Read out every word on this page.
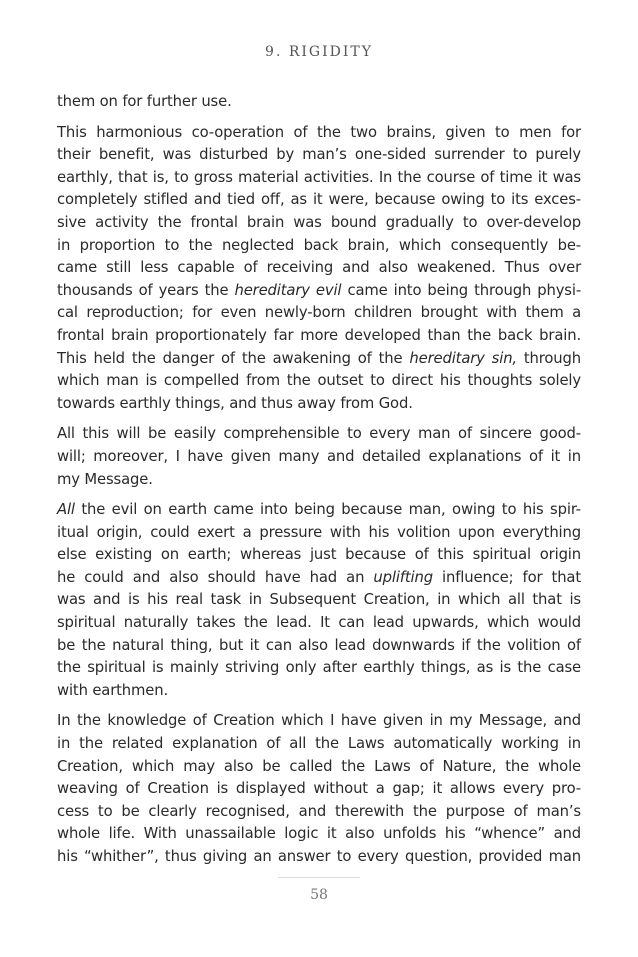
9. RIGIDITY
them on for further use.
This harmonious co-operation of the two brains, given to men for
their benefit, was disturbed by man’s one-sided surrender to purely
earthly, that is, to gross material activities. In the course of time it was
completely stifled and tied off, as it were, because owing to its exces-
sive activity the frontal brain was bound gradually to over-develop
in proportion to the neglected back brain, which consequently be-
came still less capable of receiving and also weakened. Thus over
thousands of years the hereditary evil came into being through physi-
cal reproduction; for even newly-born children brought with them a
frontal brain proportionately far more developed than the back brain.
This held the danger of the awakening of the hereditary sin, through
which man is compelled from the outset to direct his thoughts solely
towards earthly things, and thus away from God.
All this will be easily comprehensible to every man of sincere good-
will; moreover, I have given many and detailed explanations of it in
my Message.
All the evil on earth came into being because man, owing to his spir-
itual origin, could exert a pressure with his volition upon everything
else existing on earth; whereas just because of this spiritual origin
he could and also should have had an uplifting influence; for that
was and is his real task in Subsequent Creation, in which all that is
spiritual naturally takes the lead. It can lead upwards, which would
be the natural thing, but it can also lead downwards if the volition of
the spiritual is mainly striving only after earthly things, as is the case
with earthmen.
In the knowledge of Creation which I have given in my Message, and
in the related explanation of all the Laws automatically working in
Creation, which may also be called the Laws of Nature, the whole
weaving of Creation is displayed without a gap; it allows every pro-
cess to be clearly recognised, and therewith the purpose of man’s
whole life. With unassailable logic it also unfolds his “whence” and
his “whither”, thus giving an answer to every question, provided man
58
